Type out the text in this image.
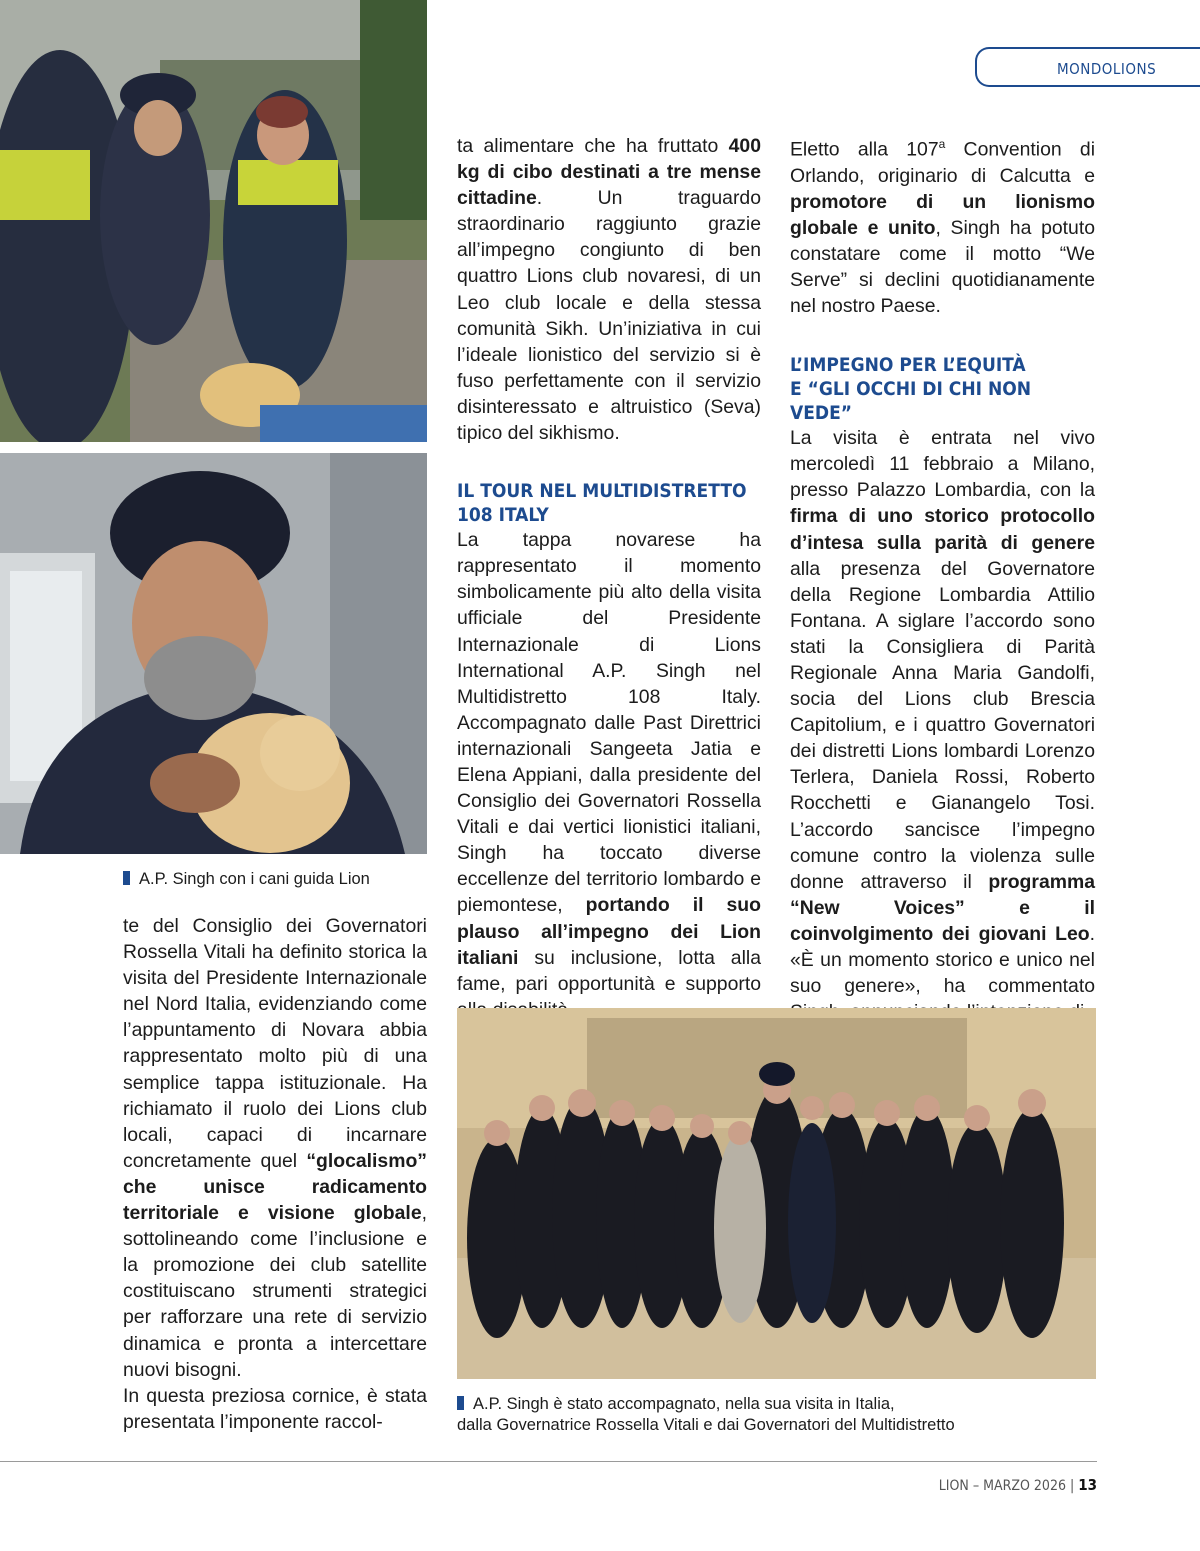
MONDOLIONS
A.P. Singh con i cani guida Lion

te del Consiglio dei Governatori Rossella Vitali ha definito storica la visita del Presidente Internazionale nel Nord Italia, evidenziando come l’appuntamento di Novara abbia rappresentato molto più di una semplice tappa istituzionale. Ha richiamato il ruolo dei Lions club locali, capaci di incarnare concretamente quel “glocalismo” che unisce radicamento territoriale e visione globale, sottolineando come l’inclusione e la promozione dei club satellite costituiscano strumenti strategici per rafforzare una rete di servizio dinamica e pronta a intercettare nuovi bisogni.

In questa preziosa cornice, è stata presentata l’imponente raccol-

ta alimentare che ha fruttato 400 kg di cibo destinati a tre mense cittadine. Un traguardo straordinario raggiunto grazie all’impegno congiunto di ben quattro Lions club novaresi, di un Leo club locale e della stessa comunità Sikh. Un’iniziativa in cui l’ideale lionistico del servizio si è fuso perfettamente con il servizio disinteressato e altruistico (Seva) tipico del sikhismo.

IL TOUR NEL MULTIDISTRETTO
108 ITALY

La tappa novarese ha rappresentato il momento simbolicamente più alto della visita ufficiale del Presidente Internazionale di Lions International A.P. Singh nel Multidistretto 108 Italy. Accompagnato dalle Past Direttrici internazionali Sangeeta Jatia e Elena Appiani, dalla presidente del Consiglio dei Governatori Rossella Vitali e dai vertici lionistici italiani, Singh ha toccato diverse eccellenze del territorio lombardo e piemontese, portando il suo plauso all’impegno dei Lion italiani su inclusione, lotta alla fame, pari opportunità e supporto

Eletto alla 107$^a$ Convention di Orlando, originario di Calcutta e promotore di un lionismo globale e unito, Singh ha potuto constatare come il motto “We Serve” si declini quotidianamente nel nostro Paese.

L’IMPEGNO PER L’EQUITÀ
E “GLI OCCHI DI CHI NON VEDE”

La visita è entrata nel vivo mercoledì 11 febbraio a Milano, presso Palazzo Lombardia, con la firma di uno storico protocollo d’intesa sulla parità di genere alla presenza del Governatore della Regione Lombardia Attilio Fontana. A siglare l’accordo sono stati la Consigliera di Parità Regionale Anna Maria Gandolfi, socia del Lions club Brescia Capitolium, e i quattro Governatori dei distretti Lions lombardi Lorenzo Terlera, Daniela Rossi, Roberto Rocchetti e Gianangelo Tosi. L’accordo sancisce l’impegno comune contro la violenza sulle donne attraverso il programma “New Voices” e il coinvolgimento dei giovani Leo. «È un momento storico e unico nel suo genere», ha commentato

A.P. Singh è stato accompagnato, nella sua visita in Italia,
dalla Governatrice Rossella Vitali e dai Governatori del Multidistretto
LION – MARZO 2026 | 13
